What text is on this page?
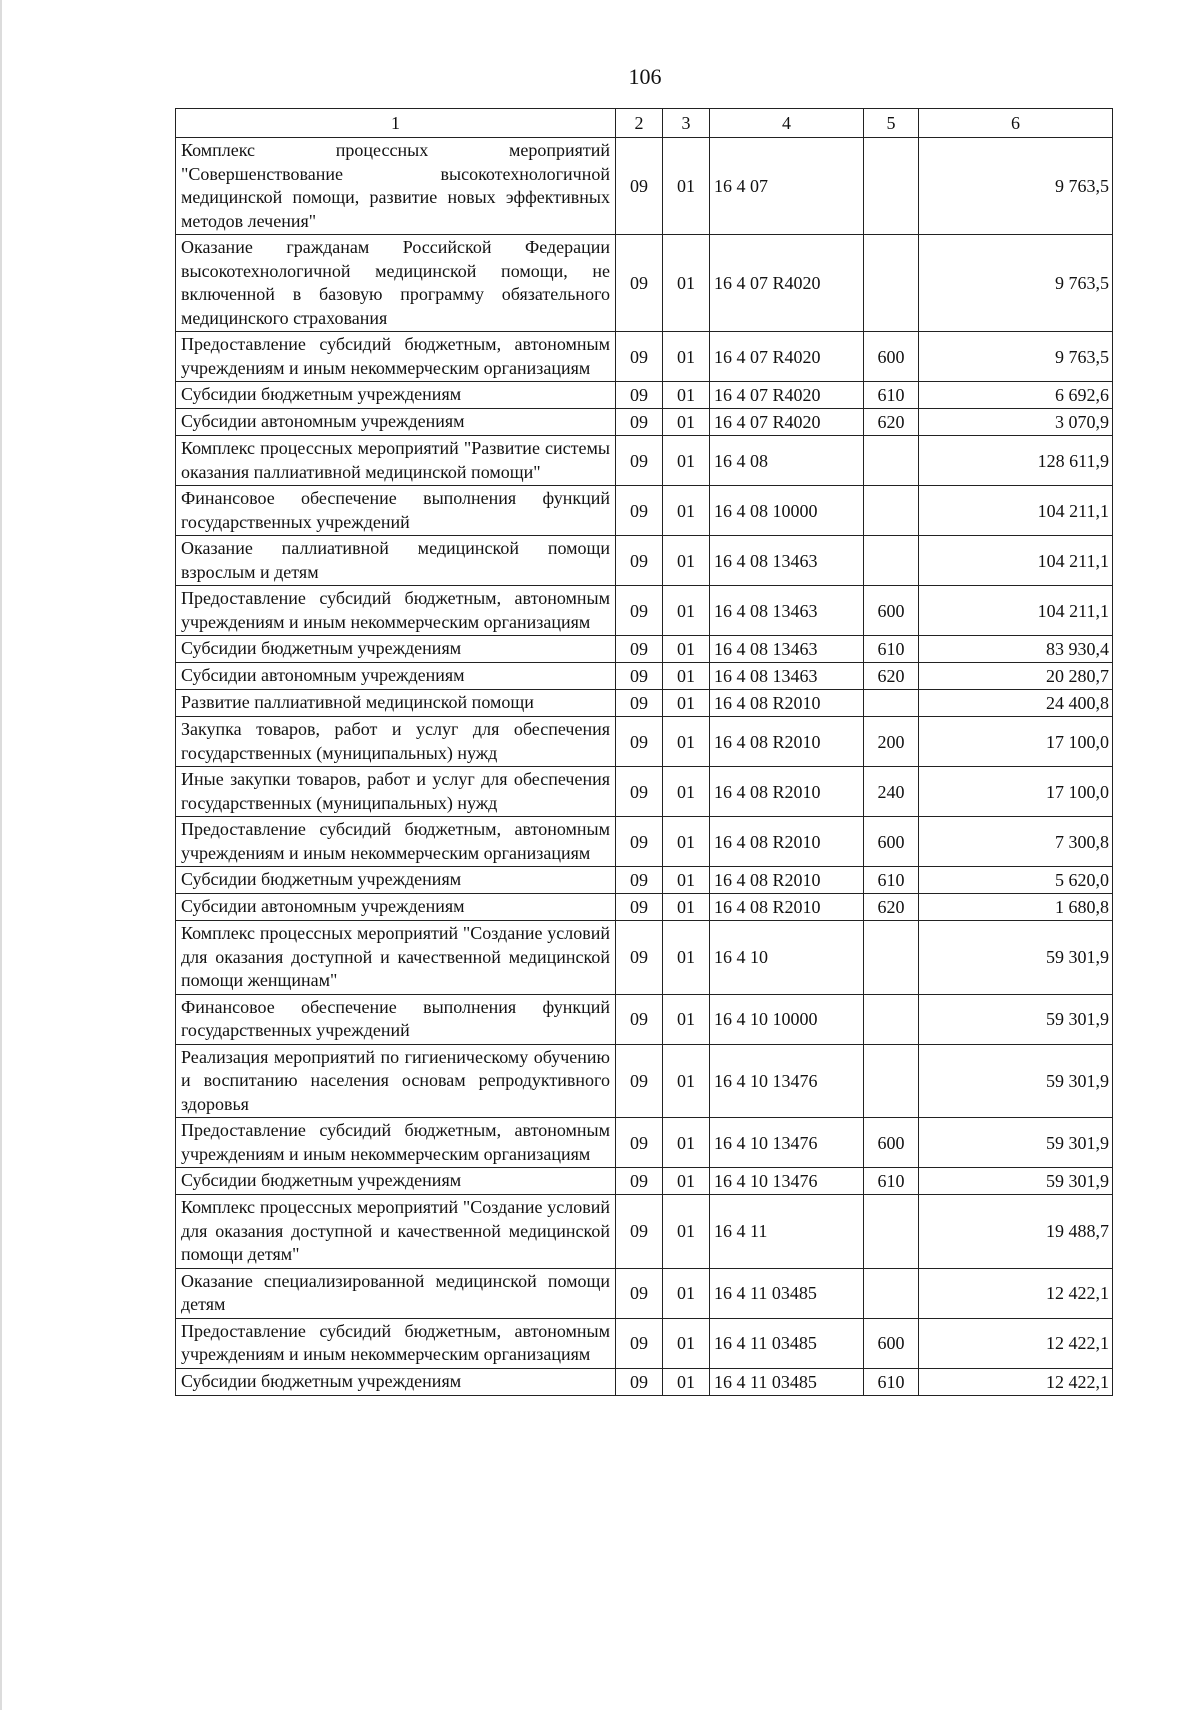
106
1	2	3	4	5	6
Комплекс процессных мероприятий "Совершенствование высокотехнологичной медицинской помощи, развитие новых эффективных методов лечения"	09	01	16 4 07		9 763,5
Оказание гражданам Российской Федерации высокотехнологичной медицинской помощи, не включенной в базовую программу обязательного медицинского страхования	09	01	16 4 07 R4020		9 763,5
Предоставление субсидий бюджетным, автономным учреждениям и иным некоммерческим организациям	09	01	16 4 07 R4020	600	9 763,5
Субсидии бюджетным учреждениям	09	01	16 4 07 R4020	610	6 692,6
Субсидии автономным учреждениям	09	01	16 4 07 R4020	620	3 070,9
Комплекс процессных мероприятий "Развитие системы оказания паллиативной медицинской помощи"	09	01	16 4 08		128 611,9
Финансовое обеспечение выполнения функций государственных учреждений	09	01	16 4 08 10000		104 211,1
Оказание паллиативной медицинской помощи взрослым и детям	09	01	16 4 08 13463		104 211,1
Предоставление субсидий бюджетным, автономным учреждениям и иным некоммерческим организациям	09	01	16 4 08 13463	600	104 211,1
Субсидии бюджетным учреждениям	09	01	16 4 08 13463	610	83 930,4
Субсидии автономным учреждениям	09	01	16 4 08 13463	620	20 280,7
Развитие паллиативной медицинской помощи	09	01	16 4 08 R2010		24 400,8
Закупка товаров, работ и услуг для обеспечения государственных (муниципальных) нужд	09	01	16 4 08 R2010	200	17 100,0
Иные закупки товаров, работ и услуг для обеспечения государственных (муниципальных) нужд	09	01	16 4 08 R2010	240	17 100,0
Предоставление субсидий бюджетным, автономным учреждениям и иным некоммерческим организациям	09	01	16 4 08 R2010	600	7 300,8
Субсидии бюджетным учреждениям	09	01	16 4 08 R2010	610	5 620,0
Субсидии автономным учреждениям	09	01	16 4 08 R2010	620	1 680,8
Комплекс процессных мероприятий "Создание условий для оказания доступной и качественной медицинской помощи женщинам"	09	01	16 4 10		59 301,9
Финансовое обеспечение выполнения функций государственных учреждений	09	01	16 4 10 10000		59 301,9
Реализация мероприятий по гигиеническому обучению и воспитанию населения основам репродуктивного здоровья	09	01	16 4 10 13476		59 301,9
Предоставление субсидий бюджетным, автономным учреждениям и иным некоммерческим организациям	09	01	16 4 10 13476	600	59 301,9
Субсидии бюджетным учреждениям	09	01	16 4 10 13476	610	59 301,9
Комплекс процессных мероприятий "Создание условий для оказания доступной и качественной медицинской помощи детям"	09	01	16 4 11		19 488,7
Оказание специализированной медицинской помощи детям	09	01	16 4 11 03485		12 422,1
Предоставление субсидий бюджетным, автономным учреждениям и иным некоммерческим организациям	09	01	16 4 11 03485	600	12 422,1
Субсидии бюджетным учреждениям	09	01	16 4 11 03485	610	12 422,1
